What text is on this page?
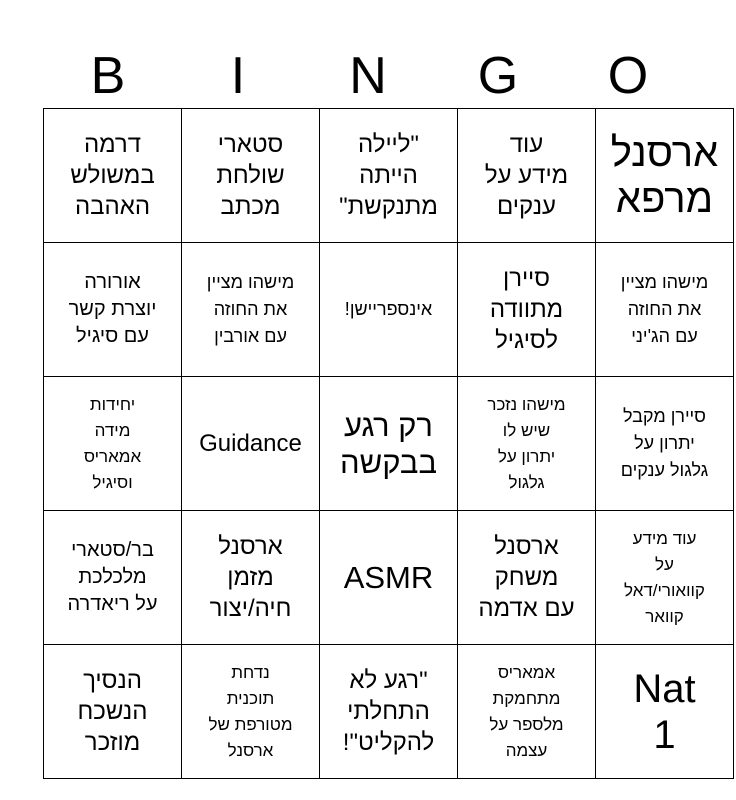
B	I	N	G	O
דרמה
במשולש
האהבה	סטארי
שולחת
מכתב	לײלה"
הײתה
"מתנקשת	עוד
מידע על
ענקים	ארסנל
מרפא

אורורה
יוצרת קשר
עם סיגיל	מישהו מציין
את החוזה
עם אורבין	!אינספריישן	סײרן
מתוודה
לסיגיל	מישהו מציין
את החוזה
עם הג'יני

יחידות
מידה
אמאריס
וסיגיל	Guidance	רק רגע
בבקשה	מישהו נזכר
שיש לו
יתרון על
גלגול	סײרן מקבל
יתרון על
גלגול ענקים

בר/סטארי
מלכלכת
על ריאדרה	ארסנל
מזמן
חיה/יצור	ASMR	ארסנל
משחק
עם אדמה	עוד מידע
על
קוואורי/דאל
קוואר

הנסיך
הנשכח
מוזכר	נדחת
תוכנית
מטורפת של
ארסנל	רגע לא"
התחלתי
!"להקליט	אמאריס
מתחמקת
מלספר על
עצמה	Nat
1
